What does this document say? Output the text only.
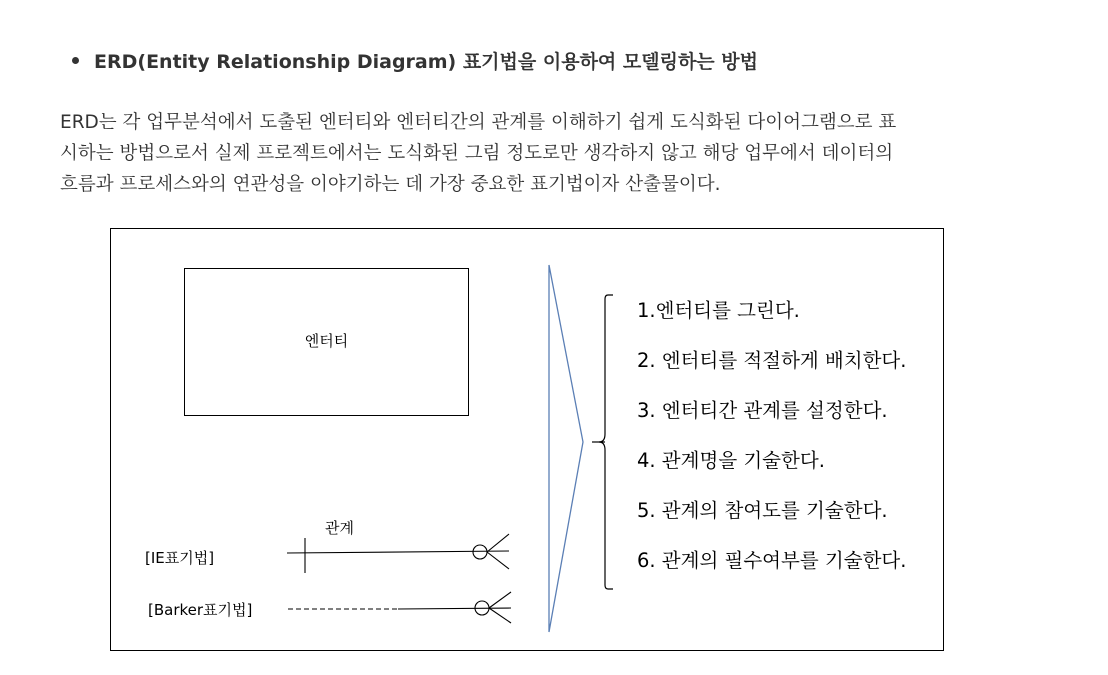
ERD(Entity Relationship Diagram) 표기법을 이용하여 모델링하는 방법
ERD는 각 업무분석에서 도출된 엔터티와 엔터티간의 관계를 이해하기 쉽게 도식화된 다이어그램으로 표
시하는 방법으로서 실제 프로젝트에서는 도식화된 그림 정도로만 생각하지 않고 해당 업무에서 데이터의
흐름과 프로세스와의 연관성을 이야기하는 데 가장 중요한 표기법이자 산출물이다.
엔터티
관계
[IE표기법]
[Barker표기법]
1.엔터티를 그린다.
2. 엔터티를 적절하게 배치한다.
3. 엔터티간 관계를 설정한다.
4. 관계명을 기술한다.
5. 관계의 참여도를 기술한다.
6. 관계의 필수여부를 기술한다.
